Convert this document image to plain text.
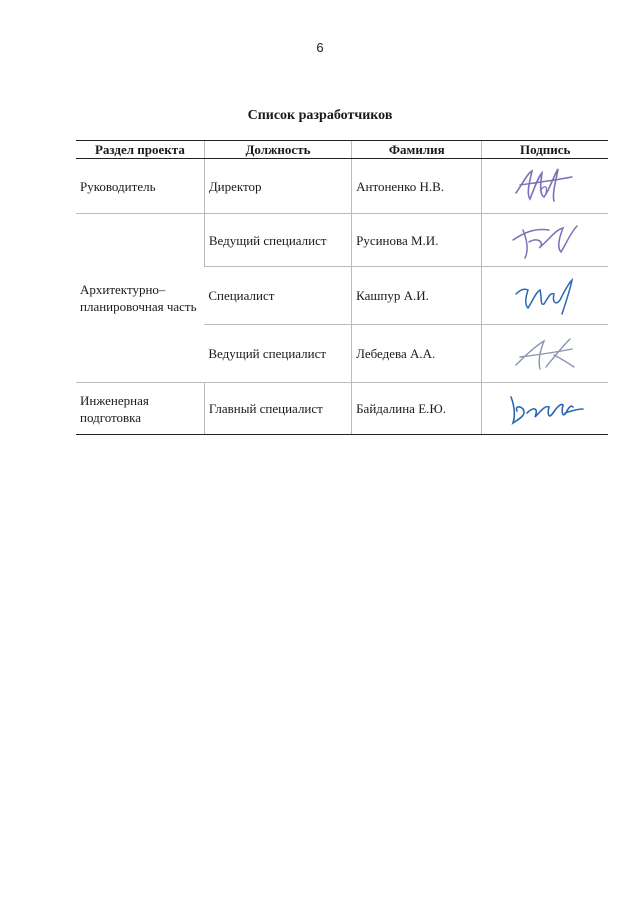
6
Список разработчиков
Раздел проекта	Должность	Фамилия	Подпись
Руководитель	Директор	Антоненко Н.В.	

Архитектурно–планировочная часть	Ведущий специалист	Русинова М.И.	

	Специалист	Кашпур А.И.	

	Ведущий специалист	Лебедева А.А.	

Инженерная подготовка	Главный специалист	Байдалина Е.Ю.	
